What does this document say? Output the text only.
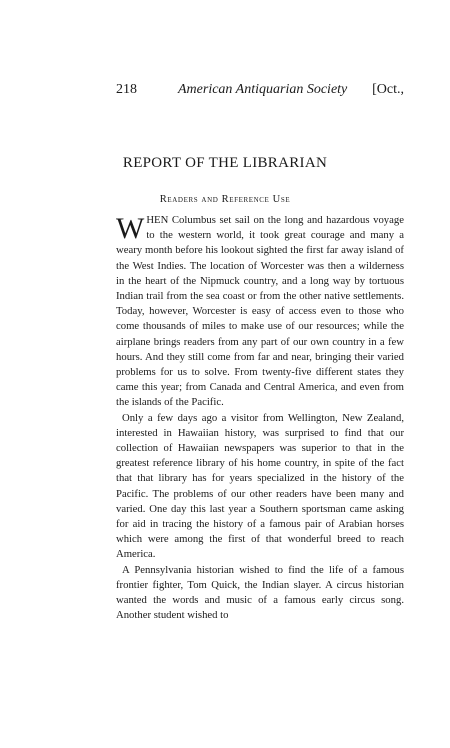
218	American Antiquarian Society [Oct.,
REPORT OF THE LIBRARIAN
Readers and Reference Use

WHEN Columbus set sail on the long and hazardous voyage to the western world, it took great courage and many a weary month before his lookout sighted the first far away island of the West Indies. The location of Worcester was then a wilderness in the heart of the Nipmuck country, and a long way by tortuous Indian trail from the sea coast or from the other native settlements. Today, however, Worcester is easy of access even to those who come thousands of miles to make use of our resources; while the airplane brings readers from any part of our own country in a few hours. And they still come from far and near, bringing their varied problems for us to solve. From twenty-five different states they came this year; from Canada and Central America, and even from the islands of the Pacific.

Only a few days ago a visitor from Wellington, New Zealand, interested in Hawaiian history, was surprised to find that our collection of Hawaiian newspapers was superior to that in the greatest reference library of his home country, in spite of the fact that that library has for years specialized in the history of the Pacific. The problems of our other readers have been many and varied. One day this last year a Southern sportsman came asking for aid in tracing the history of a famous pair of Arabian horses which were among the first of that wonderful breed to reach America.

A Pennsylvania historian wished to find the life of a famous frontier fighter, Tom Quick, the Indian slayer. A circus historian wanted the words and music of a famous early circus song. Another student wished to
